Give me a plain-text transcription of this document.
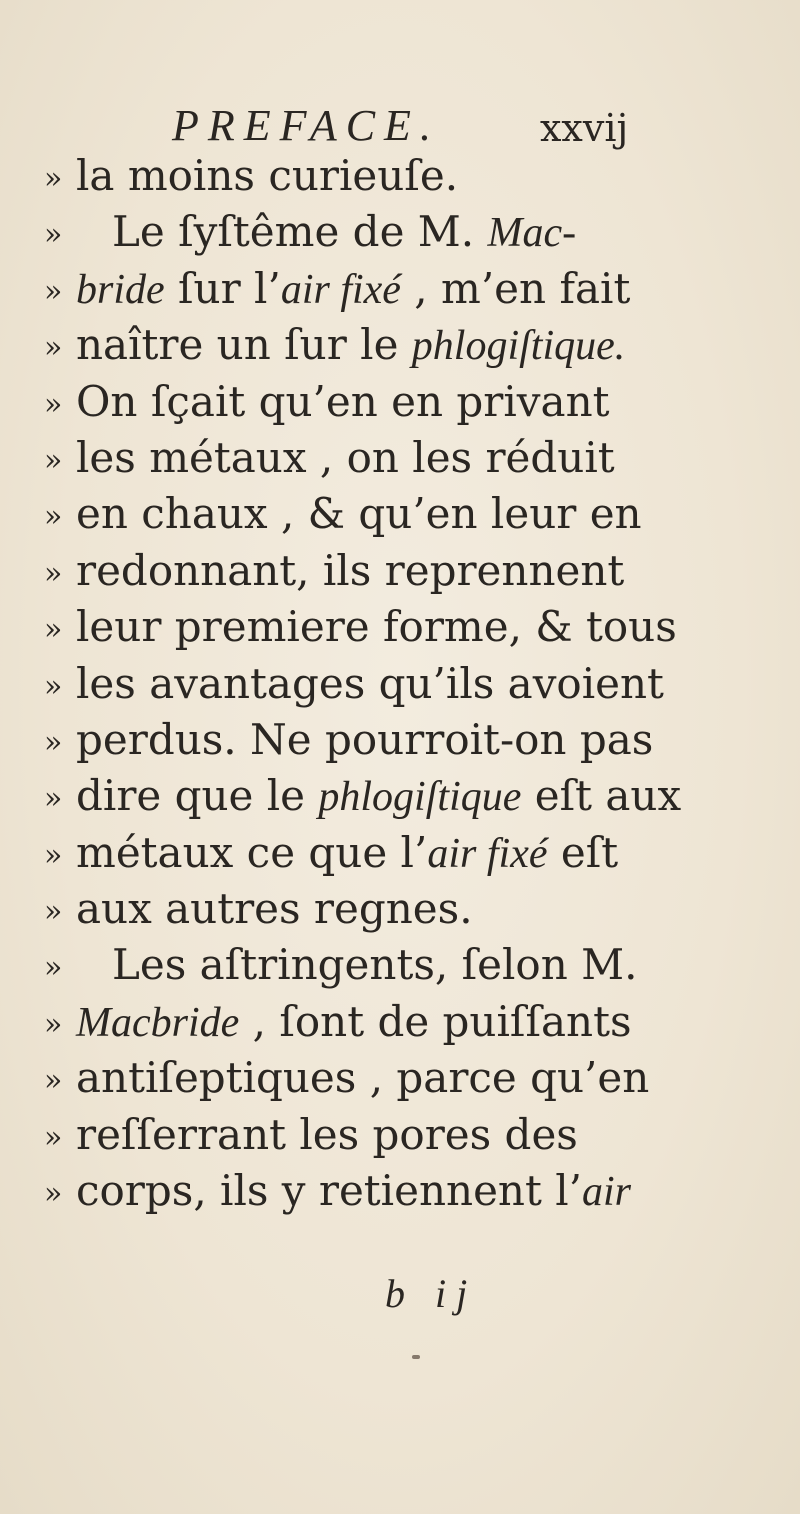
PREFACE.	xxvij
» la moins curieuſe.
» Le ſyſtême de M. Mac-
» bride ſur l’air fixé , m’en fait
» naître un ſur le phlogiſtique.
» On ſçait qu’en en privant
» les métaux , on les réduit
» en chaux , & qu’en leur en
» redonnant, ils reprennent
» leur premiere forme, & tous
» les avantages qu’ils avoient
» perdus. Ne pourroit-on pas
» dire que le phlogiſtique eſt aux
» métaux ce que l’air fixé eſt
» aux autres regnes.
» Les aſtringents, ſelon M.
» Macbride , ſont de puiſſants
» antiſeptiques , parce qu’en
» reſſerrant les pores des
» corps, ils y retiennent l’air
b ij
